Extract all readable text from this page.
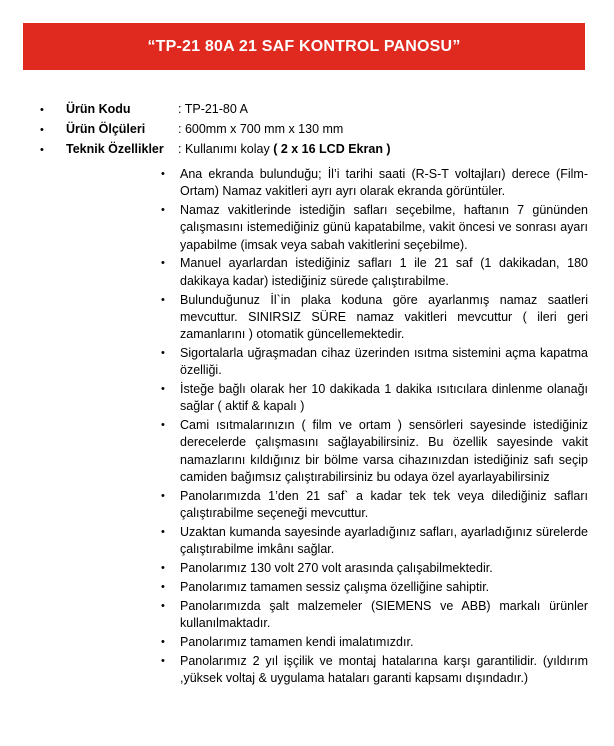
“TP-21 80A 21 SAF KONTROL PANOSU”
•	Ürün Kodu	: TP-21-80 A
•	Ürün Ölçüleri	: 600mm x 700 mm x 130 mm
•	Teknik Özellikler	: Kullanımı kolay ( 2 x 16 LCD Ekran )
• Ana ekranda bulunduğu; İl’i tarihi saati (R-S-T voltajları) derece (Film- Ortam) Namaz vakitleri ayrı ayrı olarak ekranda görüntüler.
• Namaz vakitlerinde istediğin safları seçebilme, haftanın 7 gününden çalışmasını istemediğiniz günü kapatabilme, vakit öncesi ve sonrası ayarı yapabilme (imsak veya sabah vakitlerini seçebilme).
• Manuel ayarlardan istediğiniz safları 1 ile 21 saf (1 dakikadan, 180 dakikaya kadar) istediğiniz sürede çalıştırabilme.
• Bulunduğunuz İl`in plaka koduna göre ayarlanmış namaz saatleri mevcuttur. SINIRSIZ SÜRE namaz vakitleri mevcuttur ( ileri geri zamanlarını ) otomatik güncellemektedir.
• Sigortalarla uğraşmadan cihaz üzerinden ısıtma sistemini açma kapatma özelliği.
• İsteğe bağlı olarak her 10 dakikada 1 dakika ısıtıcılara dinlenme olanağı sağlar ( aktif & kapalı )
• Cami ısıtmalarınızın ( film ve ortam ) sensörleri sayesinde istediğiniz derecelerde çalışmasını sağlayabilirsiniz. Bu özellik sayesinde vakit namazlarını kıldığınız bir bölme varsa cihazınızdan istediğiniz safı seçip camiden bağımsız çalıştırabilirsiniz bu odaya özel ayarlayabilirsiniz
• Panolarımızda 1’den 21 saf` a kadar tek tek veya dilediğiniz safları çalıştırabilme seçeneği mevcuttur.
• Uzaktan kumanda sayesinde ayarladığınız safları, ayarladığınız sürelerde çalıştırabilme imkânı sağlar.
• Panolarımız 130 volt 270 volt arasında çalışabilmektedir.
• Panolarımız tamamen sessiz çalışma özelliğine sahiptir.
• Panolarımızda şalt malzemeler (SIEMENS ve ABB) markalı ürünler kullanılmaktadır.
• Panolarımız tamamen kendi imalatımızdır.
• Panolarımız 2 yıl işçilik ve montaj hatalarına karşı garantilidir. (yıldırım ,yüksek voltaj & uygulama hataları garanti kapsamı dışındadır.)
